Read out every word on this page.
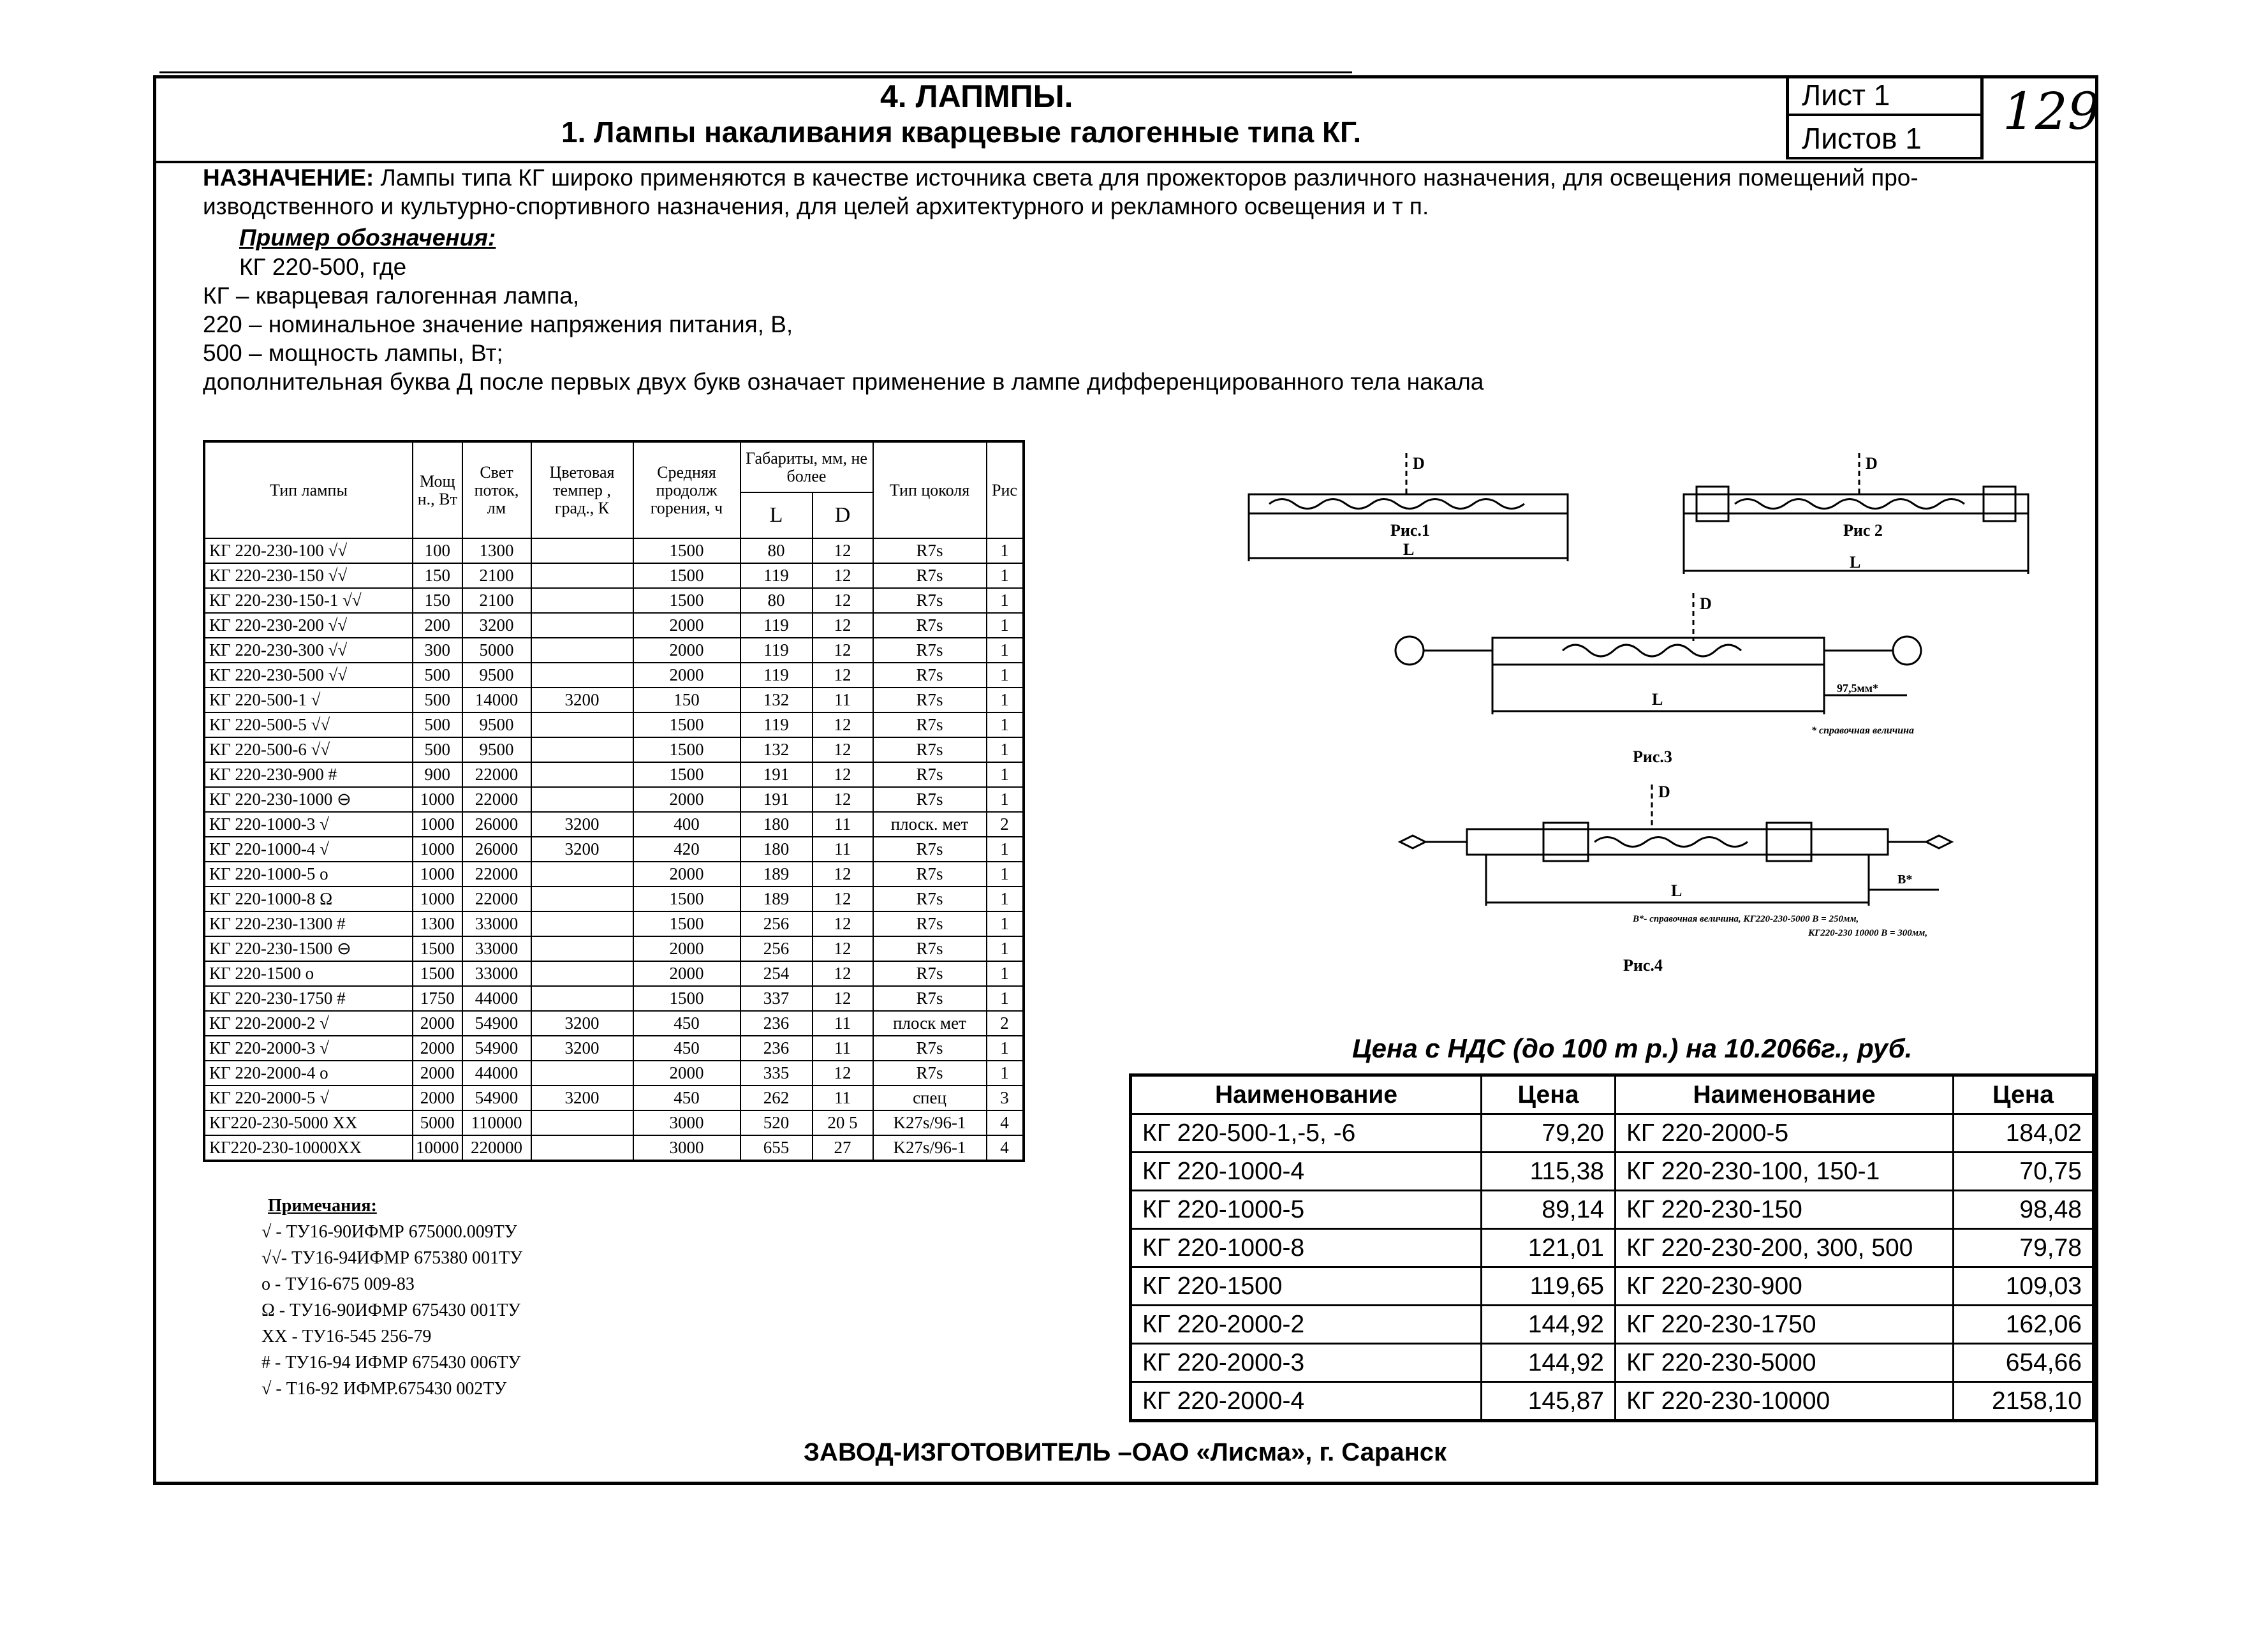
4. ЛАПМПЫ.
1. Лампы накаливания кварцевые галогенные типа КГ.
Лист 1
Листов 1	129
НАЗНАЧЕНИЕ: Лампы типа КГ широко применяются в качестве источника света для прожекторов различного назначения, для освещения помещений про-
изводственного и культурно-спортивного назначения, для целей архитектурного и рекламного освещения и т п.
Пример обозначения:
КГ 220-500, где
КГ – кварцевая галогенная лампа,
220 – номинальное значение напряжения питания, В,
500 – мощность лампы, Вт;
дополнительная буква Д после первых двух букв означает применение в лампе дифференцированного тела накала
Тип лампы	Мощ н., Вт	Свет поток, лм	Цветовая темпер , град., К	Средняя продолж горения, ч	Габариты, мм, не более		Тип цоколя	Рис
					L	D		
КГ 220-230-100 √√	100	1300		1500	80	12	R7s	1
КГ 220-230-150 √√	150	2100		1500	119	12	R7s	1
КГ 220-230-150-1 √√	150	2100		1500	80	12	R7s	1
КГ 220-230-200 √√	200	3200		2000	119	12	R7s	1
КГ 220-230-300 √√	300	5000		2000	119	12	R7s	1
КГ 220-230-500 √√	500	9500		2000	119	12	R7s	1
КГ 220-500-1 √	500	14000	3200	150	132	11	R7s	1
КГ 220-500-5 √√	500	9500		1500	119	12	R7s	1
КГ 220-500-6 √√	500	9500		1500	132	12	R7s	1
КГ 220-230-900 #	900	22000		1500	191	12	R7s	1
КГ 220-230-1000 ⊖	1000	22000		2000	191	12	R7s	1
КГ 220-1000-3 √	1000	26000	3200	400	180	11	плоск. мет	2
КГ 220-1000-4 √	1000	26000	3200	420	180	11	R7s	1
КГ 220-1000-5 o	1000	22000		2000	189	12	R7s	1
КГ 220-1000-8 Ω	1000	22000		1500	189	12	R7s	1
КГ 220-230-1300 #	1300	33000		1500	256	12	R7s	1
КГ 220-230-1500 ⊖	1500	33000		2000	256	12	R7s	1
КГ 220-1500 o	1500	33000		2000	254	12	R7s	1
КГ 220-230-1750 #	1750	44000		1500	337	12	R7s	1
КГ 220-2000-2 √	2000	54900	3200	450	236	11	плоск мет	2
КГ 220-2000-3 √	2000	54900	3200	450	236	11	R7s	1
КГ 220-2000-4 o	2000	44000		2000	335	12	R7s	1
КГ 220-2000-5 √	2000	54900	3200	450	262	11	спец	3
КГ220-230-5000 XX	5000	110000		3000	520	20 5	K27s/96-1	4
КГ220-230-10000XX	10000	220000		3000	655	27	K27s/96-1	4
Примечания:
√ - ТУ16-90ИФМР 675000.009ТУ
√√- ТУ16-94ИФМР 675380 001ТУ
o - ТУ16-675 009-83
Ω - ТУ16-90ИФМР 675430 001ТУ
XX - ТУ16-545 256-79
# - ТУ16-94 ИФМР 675430 006ТУ
√ - Т16-92 ИФМР.675430 002ТУ
Рис.1
D
L
Рис 2
D
L
D
L
97,5мм*
* справочная величина
Рис.3
D
L
B*
B*- справочная величина, КГ220-230-5000 B = 250мм,
КГ220-230 10000 B = 300мм,
Рис.4
Цена с НДС (до 100 т р.) на 10.2066г., руб.
Наименование	Цена	Наименование	Цена
КГ 220-500-1,-5, -6	79,20	КГ 220-2000-5	184,02
КГ 220-1000-4	115,38	КГ 220-230-100, 150-1	70,75
КГ 220-1000-5	89,14	КГ 220-230-150	98,48
КГ 220-1000-8	121,01	КГ 220-230-200, 300, 500	79,78
КГ 220-1500	119,65	КГ 220-230-900	109,03
КГ 220-2000-2	144,92	КГ 220-230-1750	162,06
КГ 220-2000-3	144,92	КГ 220-230-5000	654,66
КГ 220-2000-4	145,87	КГ 220-230-10000	2158,10
ЗАВОД-ИЗГОТОВИТЕЛЬ –ОАО «Лисма», г. Саранск
